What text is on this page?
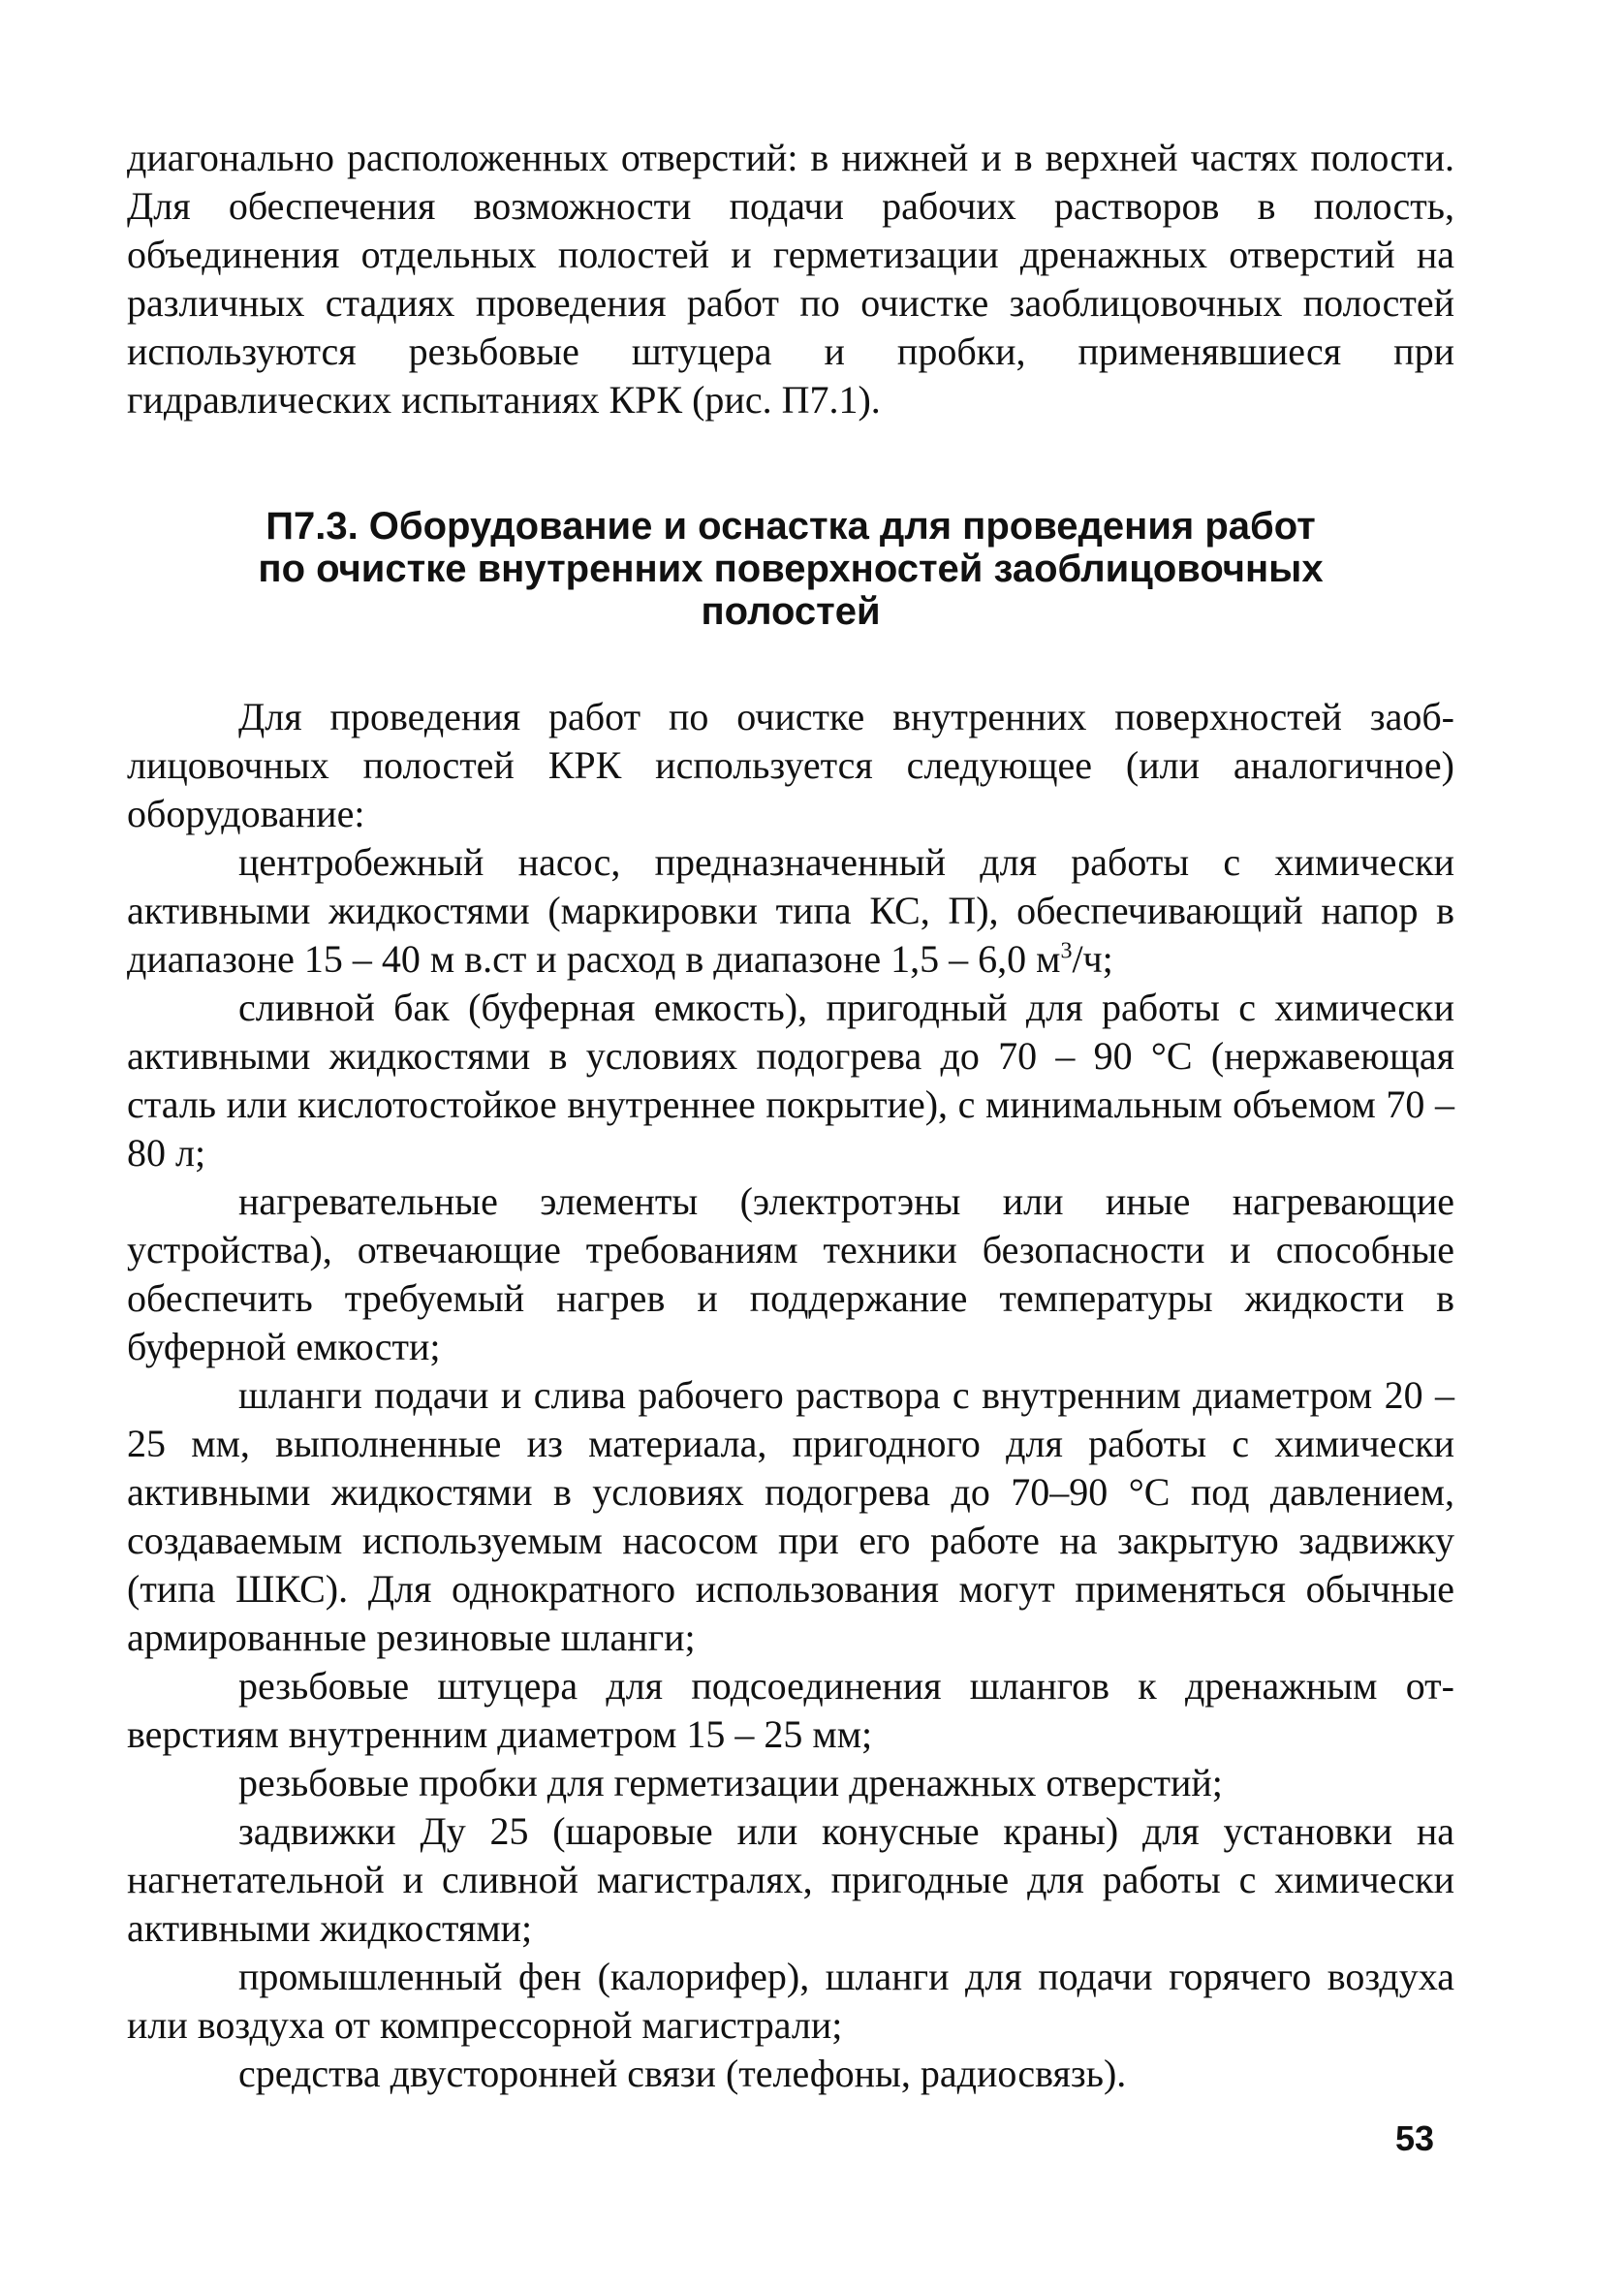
диагонально расположенных отверстий: в нижней и в верхней частях полости. Для обеспечения возможности подачи рабочих растворов в полость, объединения отдельных полостей и герметизации дренажных отверстий на различных стадиях проведения работ по очистке заоблицовочных полостей используются резьбовые штуцера и пробки, применявшиеся при гидравлических испытаниях КРК (рис. П7.1).

П7.3. Оборудование и оснастка для проведения работ
по очистке внутренних поверхностей заоблицовочных
полостей

Для проведения работ по очистке внутренних поверхностей заоблицовочных полостей КРК используется следующее (или аналогичное) оборудование:

центробежный насос, предназначенный для работы с химически активными жидкостями (маркировки типа КС, П), обеспечивающий напор в диапазоне 15 – 40 м в.ст и расход в диапазоне 1,5 – 6,0 $м^3/ч$;

сливной бак (буферная емкость), пригодный для работы с химически активными жидкостями в условиях подогрева до 70 – 90 °С (нержавеющая сталь или кислотостойкое внутреннее покрытие), с минимальным объемом 70 – 80 л;

нагревательные элементы (электротэны или иные нагревающие устройства), отвечающие требованиям техники безопасности и способные обеспечить требуемый нагрев и поддержание температуры жидкости в буферной емкости;

шланги подачи и слива рабочего раствора с внутренним диаметром 20 – 25 мм, выполненные из материала, пригодного для работы с химически активными жидкостями в условиях подогрева до 70–90 °С под давлением, создаваемым используемым насосом при его работе на закрытую задвижку (типа ШКС). Для однократного использования могут применяться обычные армированные резиновые шланги;

резьбовые штуцера для подсоединения шлангов к дренажным отверстиям внутренним диаметром 15 – 25 мм;

резьбовые пробки для герметизации дренажных отверстий;

задвижки Ду 25 (шаровые или конусные краны) для установки на нагнетательной и сливной магистралях, пригодные для работы с химически активными жидкостями;

промышленный фен (калорифер), шланги для подачи горячего воздуха или воздуха от компрессорной магистрали;

средства двусторонней связи (телефоны, радиосвязь).

53
